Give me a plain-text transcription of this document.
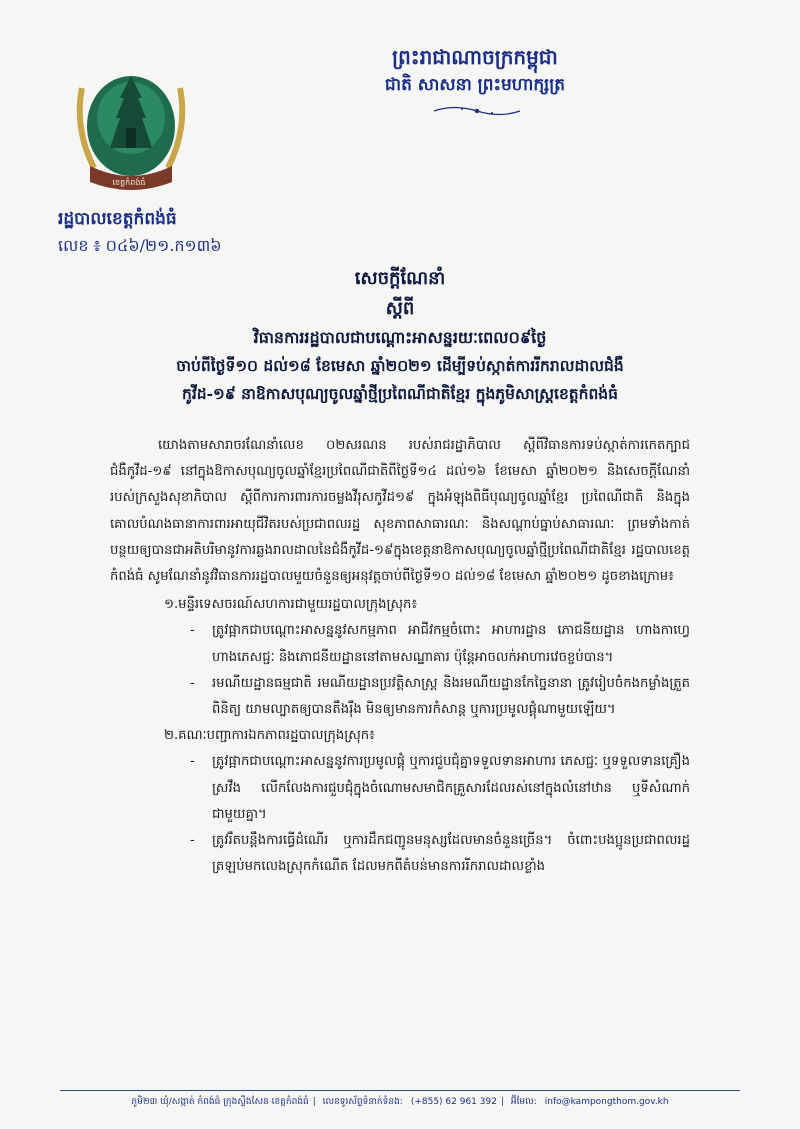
ខេត្តកំពង់ធំ
ព្រះរាជាណាចក្រកម្ពុជា
ជាតិ សាសនា ព្រះមហាក្សត្រ
រដ្ឋបាលខេត្តកំពង់ធំ
លេខ ៖ ០៤៦/២១.ក១៣៦
សេចក្តីណែនាំ
ស្តីពី
វិធានការរដ្ឋបាលជាបណ្តោះអាសន្នរយៈពេល០៩ថ្ងៃ
ចាប់ពីថ្ងៃទី១០ ដល់១៨ ខែមេសា ឆ្នាំ២០២១ ដើម្បីទប់ស្កាត់ការរីករាលដាលជំងឺ
កូវីដ-១៩ នាឱកាសបុណ្យចូលឆ្នាំថ្មីប្រពៃណីជាតិខ្មែរ ក្នុងភូមិសាស្ត្រខេត្តកំពង់ធំ

យោងតាមសារាចរណែនាំលេខ ០២សរណន របស់រាជរដ្ឋាភិបាល ស្តីពីវិធានការទប់ស្កាត់ការកេតក្បាជជំងឺកូវីដ-១៩ នៅក្នុងឱកាសបុណ្យចូលឆ្នាំខ្មែរប្រពៃណីជាតិពីថ្ងៃទី១៤ ដល់១៦ ខែមេសា ឆ្នាំ២០២១ និងសេចក្តីណែនាំរបស់ក្រសួងសុខាភិបាល ស្តីពីការការពារការចម្លងវីរុសកូវីដ១៩ ក្នុងអំឡុងពិធីបុណ្យចូលឆ្នាំខ្មែរ ប្រពៃណីជាតិ និងក្នុងគោលបំណងធានាការពារអាយុជីវិតរបស់ប្រជាពលរដ្ឋ សុខភាពសាធារណៈ និងសណ្តាប់ធ្នាប់សាធារណៈ ព្រមទាំងកាត់បន្ថយឲ្យបានជាអតិបរិមានូវការឆ្លងរាលដាលនៃជំងឺកូវីដ-១៩ក្នុងខេត្តនាឱកាសបុណ្យចូលឆ្នាំថ្មីប្រពៃណីជាតិខ្មែរ រដ្ឋបាលខេត្តកំពង់ធំ សូមណែនាំនូវវិធានការរដ្ឋបាលមួយចំនួនឲ្យអនុវត្តចាប់ពីថ្ងៃទី១០ ដល់១៨ ខែមេសា ឆ្នាំ២០២១ ដូចខាងក្រោម៖

១.មន្ទីរទេសចរណ៍សហការជាមួយរដ្ឋបាលក្រុងស្រុក៖

- ត្រូវផ្អាកជាបណ្តោះអាសន្ននូវសកម្មភាព អាជីវកម្មចំពោះ អាហារដ្ឋាន ភោជនីយដ្ឋាន ហាងកាហ្វេ ហាងភេសជ្ជៈ និងភោជនីយដ្ឋាននៅតាមសណ្ឋាគារ ប៉ុន្តែអាចលក់អាហារវេចខ្ចប់បាន។

- រមណីយដ្ឋានធម្មជាតិ រមណីយដ្ឋានប្រវត្តិសាស្ត្រ និងរមណីយដ្ឋានកែច្នៃនានា ត្រូវរៀបចំកងកម្លាំងត្រួតពិនិត្យ យាមល្បាតឲ្យបានតឹងរ៉ឹង មិនឲ្យមានការកំសាន្ត ឬការប្រមូលផ្តុំណាមួយឡើយ។

២.គណៈបញ្ជាការឯកភាពរដ្ឋបាលក្រុងស្រុក៖

- ត្រូវផ្អាកជាបណ្តោះអាសន្ននូវការប្រមូលផ្តុំ ឬការជួបជុំគ្នាទទួលទានអាហារ ភេសជ្ជៈ ឬទទួលទានគ្រឿងស្រវឹង លើកលែងការជួបជុំក្នុងចំណោមសមាជិកគ្រួសារដែលរស់នៅក្នុងលំនៅឋាន ឬទីសំណាក់ជាមួយគ្នា។

- ត្រូវរឹតបន្តឹងការធ្វើដំណើរ ឬការដឹកជញ្ជូនមនុស្សដែលមានចំនួនច្រើន។ ចំពោះបងប្អូនប្រជាពលរដ្ឋត្រឡប់មកលេងស្រុកកំណើត ដែលមកពីតំបន់មានការរីករាលដាលខ្លាំង

ភូមិ២៣ ឃុំ/សង្កាត់ កំពង់ធំ ក្រុងស្ទឹងសែន ខេត្តកំពង់ធំ | លេខទូរស័ព្ទទំនាក់ទំនង: (+855) 62 961 392 | អ៊ីមែល: info@kampongthom.gov.kh
